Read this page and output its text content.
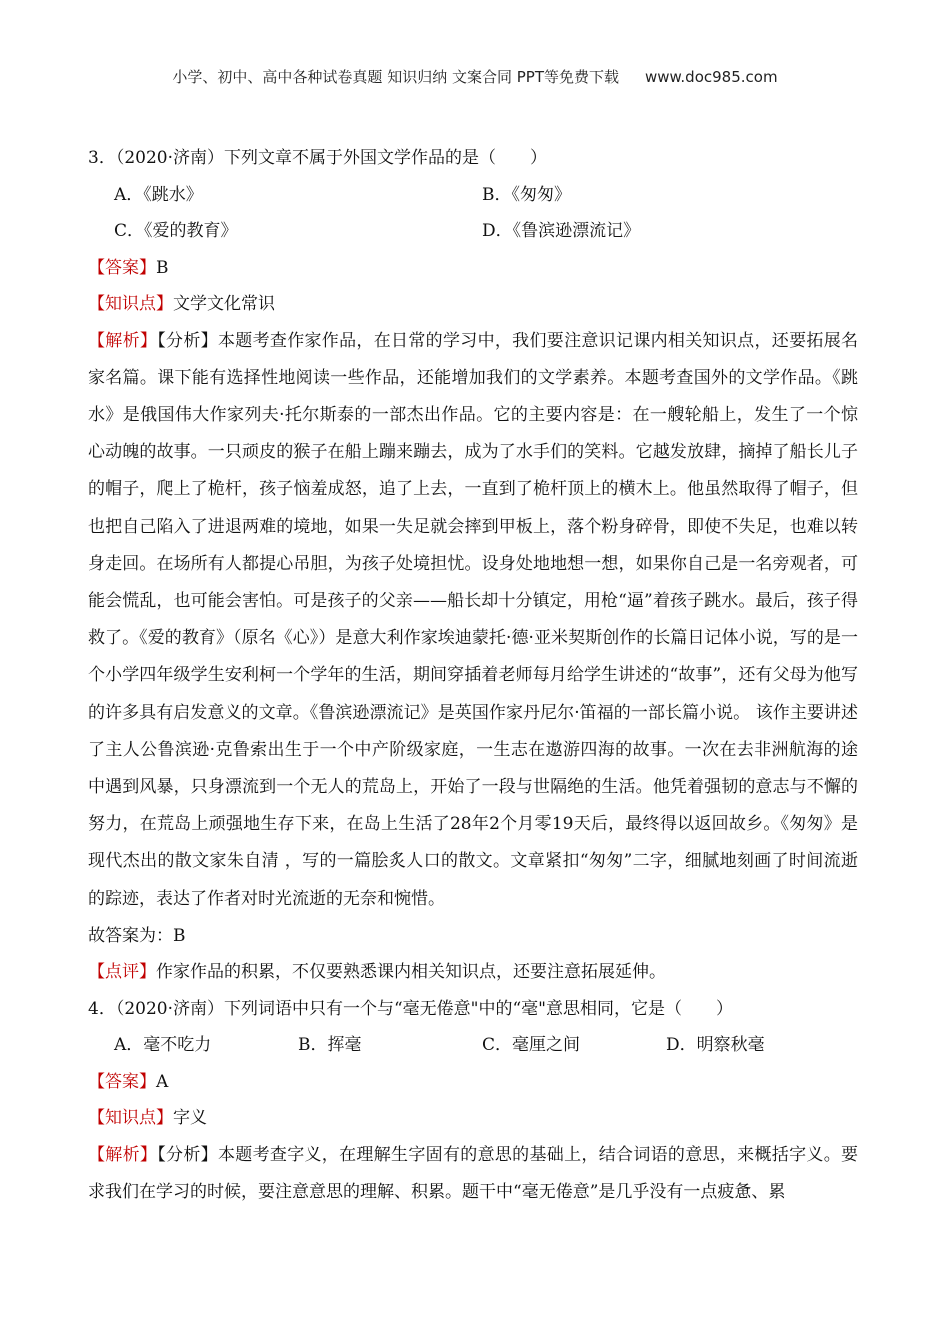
小学、初中、高中各种试卷真题 知识归纳 文案合同 PPT等免费下载 www.doc985.com
3．（2020·济南）下列文章不属于外国文学作品的是（　　）
A．《跳水》	B．《匆匆》
C．《爱的教育》	D．《鲁滨逊漂流记》
【答案】B
【知识点】文学文化常识
【解析】【分析】本题考查作家作品，在日常的学习中，我们要注意识记课内相关知识点，还要拓展名家名篇。课下能有选择性地阅读一些作品，还能增加我们的文学素养。本题考查国外的文学作品。《跳水》是俄国伟大作家列夫·托尔斯泰的一部杰出作品。它的主要内容是：在一艘轮船上，发生了一个惊心动魄的故事。一只顽皮的猴子在船上蹦来蹦去，成为了水手们的笑料。它越发放肆，摘掉了船长儿子的帽子，爬上了桅杆，孩子恼羞成怒，追了上去，一直到了桅杆顶上的横木上。他虽然取得了帽子，但也把自己陷入了进退两难的境地，如果一失足就会摔到甲板上，落个粉身碎骨，即使不失足，也难以转身走回。在场所有人都提心吊胆，为孩子处境担忧。设身处地地想一想，如果你自己是一名旁观者，可能会慌乱，也可能会害怕。可是孩子的父亲——船长却十分镇定，用枪“逼”着孩子跳水。最后，孩子得救了。《爱的教育》（原名《心》）是意大利作家埃迪蒙托·德·亚米契斯创作的长篇日记体小说，写的是一个小学四年级学生安利柯一个学年的生活，期间穿插着老师每月给学生讲述的“故事”，还有父母为他写的许多具有启发意义的文章。《鲁滨逊漂流记》是英国作家丹尼尔·笛福的一部长篇小说。 该作主要讲述了主人公鲁滨逊·克鲁索出生于一个中产阶级家庭，一生志在遨游四海的故事。一次在去非洲航海的途中遇到风暴，只身漂流到一个无人的荒岛上，开始了一段与世隔绝的生活。他凭着强韧的意志与不懈的努力，在荒岛上顽强地生存下来，在岛上生活了28年2个月零19天后，最终得以返回故乡。《匆匆》是现代杰出的散文家朱自清 ，写的一篇脍炙人口的散文。文章紧扣“匆匆”二字，细腻地刻画了时间流逝的踪迹，表达了作者对时光流逝的无奈和惋惜。
故答案为：B
【点评】作家作品的积累，不仅要熟悉课内相关知识点，还要注意拓展延伸。
4．（2020·济南）下列词语中只有一个与“毫无倦意"中的“毫"意思相同，它是（　　）
A．毫不吃力	B．挥毫	C．毫厘之间	D．明察秋毫
【答案】A
【知识点】字义
【解析】【分析】本题考查字义，在理解生字固有的意思的基础上，结合词语的意思，来概括字义。要求我们在学习的时候，要注意意思的理解、积累。题干中“毫无倦意”是几乎没有一点疲惫、累
